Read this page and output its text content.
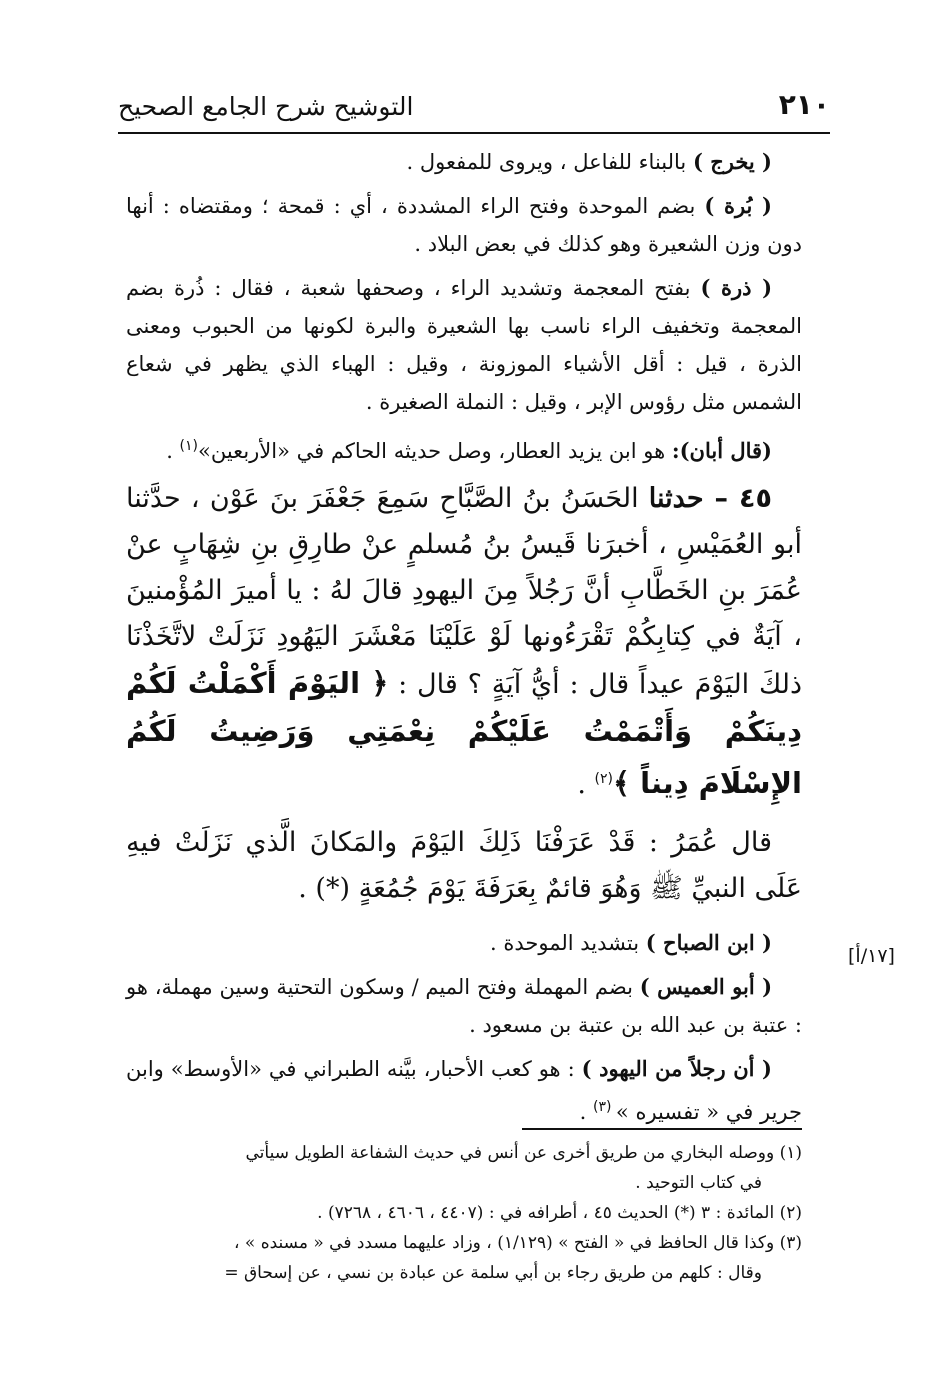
٢١٠
التوشيح شرح الجامع الصحيح

( يخرج ) بالبناء للفاعل ، ويروى للمفعول .

( بُرة ) بضم الموحدة وفتح الراء المشددة ، أي : قمحة ؛ ومقتضاه : أنها دون وزن الشعيرة وهو كذلك في بعض البلاد .

( ذرة ) بفتح المعجمة وتشديد الراء ، وصحفها شعبة ، فقال : ذُرة بضم المعجمة وتخفيف الراء ناسب بها الشعيرة والبرة لكونها من الحبوب ومعنى الذرة ، قيل : أقل الأشياء الموزونة ، وقيل : الهباء الذي يظهر في شعاع الشمس مثل رؤوس الإبر ، وقيل : النملة الصغيرة .

(قال أبان): هو ابن يزيد العطار، وصل حديثه الحاكم في «الأربعين»$^{(١)}$ .

٤٥ – حدثنا الحَسَنُ بنُ الصَّبَّاحِ سَمِعَ جَعْفَرَ بنَ عَوْن ، حدَّثنا أبو العُمَيْسِ ، أخبرَنا قَيسُ بنُ مُسلمٍ عنْ طارِقِ بنِ شِهَابٍ عنْ عُمَرَ بنِ الخَطَّابِ أنَّ رَجُلاً مِنَ اليهودِ قالَ لهُ : يا أميرَ المُؤْمنينَ ، آيَةٌ في كِتابِكُمْ تَقْرَءُونها لَوْ عَلَيْنَا مَعْشَرَ اليَهُودِ نَزَلَتْ لاتَّخَذْنَا ذلكَ اليَوْمَ عيداً قال : أيُّ آيَةٍ ؟ قال : ﴿ اليَوْمَ أَكْمَلْتُ لَكُمْ دِينَكُمْ وَأَتْمَمْتُ عَلَيْكُمْ نِعْمَتِي وَرَضِيتُ لَكُمُ الإِسْلَامَ دِيناً ﴾$^{(٢)}$ .
قال عُمَرُ : قَدْ عَرَفْنَا ذَلِكَ اليَوْمَ والمَكانَ الَّذي نَزَلَتْ فيهِ عَلَى النبيِّ ﷺ وَهُوَ قائمٌ بِعَرَفَةَ يَوْمَ جُمُعَةٍ (*) .

( ابن الصباح ) بتشديد الموحدة .

( أبو العميس ) بضم المهملة وفتح الميم / وسكون التحتية وسين مهملة، هو : عتبة بن عبد الله بن عتبة بن مسعود .

( أن رجلاً من اليهود ) : هو كعب الأحبار، بيَّنه الطبراني في «الأوسط» وابن جرير في « تفسيره » $^{(٣)}$ .

[١٧/أ]

(١) ووصله البخاري من طريق أخرى عن أنس في حديث الشفاعة الطويل سيأتي

في كتاب التوحيد .

(٢) المائدة : ٣ (*) الحديث ٤٥ ، أطرافه في : (٤٤٠٧ ، ٤٦٠٦ ، ٧٢٦٨) .

(٣) وكذا قال الحافظ في « الفتح » (١/١٢٩) ، وزاد عليهما مسدد في « مسنده » ،

وقال : كلهم من طريق رجاء بن أبي سلمة عن عبادة بن نسي ، عن إسحاق =
